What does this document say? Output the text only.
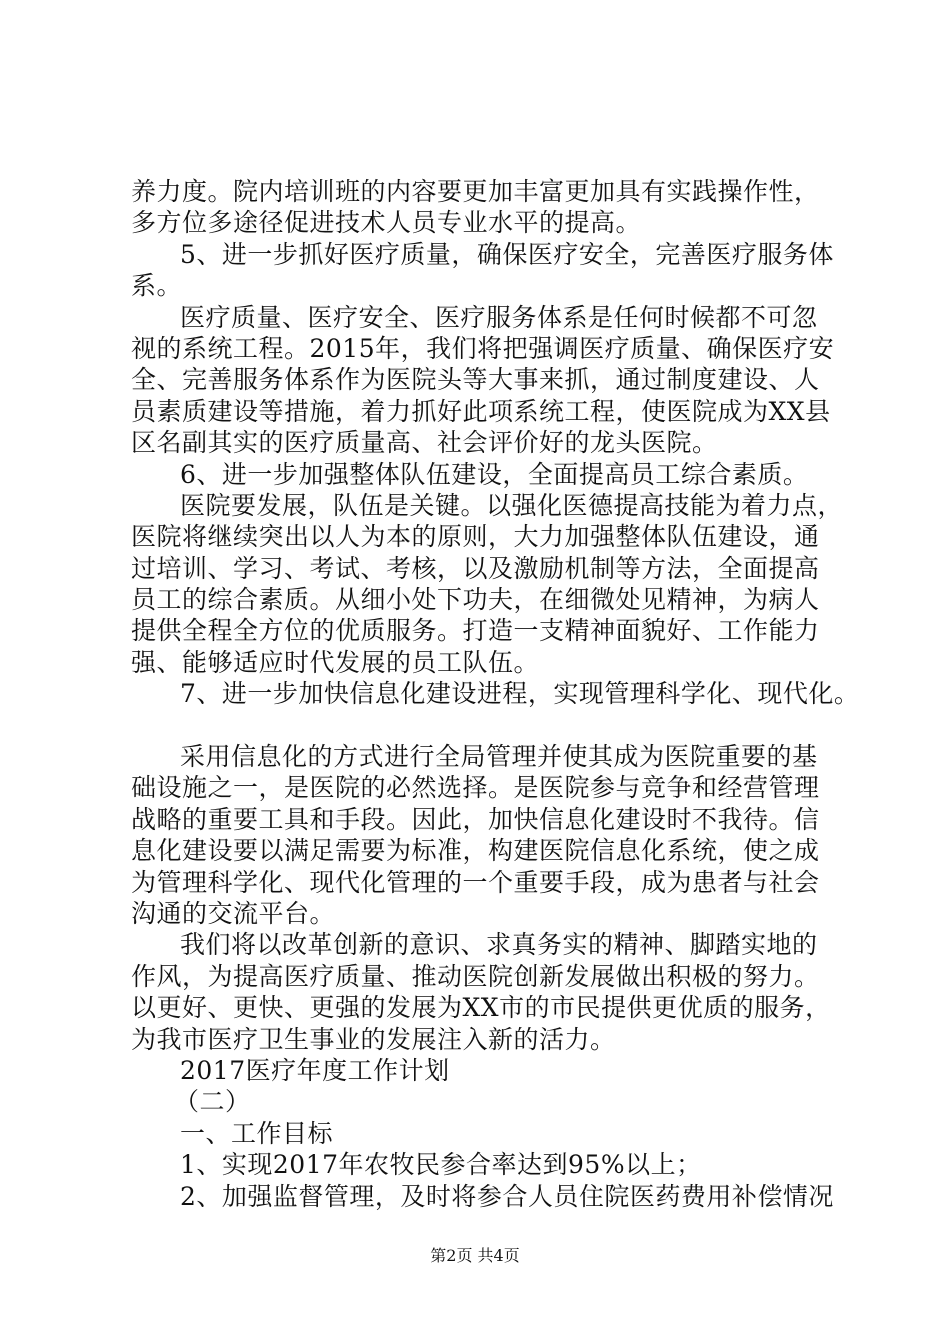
养力度。院内培训班的内容要更加丰富更加具有实践操作性，
多方位多途径促进技术人员专业水平的提高。
5、进一步抓好医疗质量，确保医疗安全，完善医疗服务体
系。
医疗质量、医疗安全、医疗服务体系是任何时候都不可忽
视的系统工程。2015年，我们将把强调医疗质量、确保医疗安
全、完善服务体系作为医院头等大事来抓，通过制度建设、人
员素质建设等措施，着力抓好此项系统工程，使医院成为XX县
区名副其实的医疗质量高、社会评价好的龙头医院。
6、进一步加强整体队伍建设，全面提高员工综合素质。
医院要发展，队伍是关键。以强化医德提高技能为着力点，
医院将继续突出以人为本的原则，大力加强整体队伍建设，通
过培训、学习、考试、考核，以及激励机制等方法，全面提高
员工的综合素质。从细小处下功夫，在细微处见精神，为病人
提供全程全方位的优质服务。打造一支精神面貌好、工作能力
强、能够适应时代发展的员工队伍。
7、进一步加快信息化建设进程，实现管理科学化、现代化。
采用信息化的方式进行全局管理并使其成为医院重要的基
础设施之一，是医院的必然选择。是医院参与竞争和经营管理
战略的重要工具和手段。因此，加快信息化建设时不我待。信
息化建设要以满足需要为标准，构建医院信息化系统，使之成
为管理科学化、现代化管理的一个重要手段，成为患者与社会
沟通的交流平台。
我们将以改革创新的意识、求真务实的精神、脚踏实地的
作风，为提高医疗质量、推动医院创新发展做出积极的努力。
以更好、更快、更强的发展为XX市的市民提供更优质的服务，
为我市医疗卫生事业的发展注入新的活力。
2017医疗年度工作计划
（二）
一、工作目标
1、实现2017年农牧民参合率达到95%以上；
2、加强监督管理，及时将参合人员住院医药费用补偿情况
第2页 共4页
